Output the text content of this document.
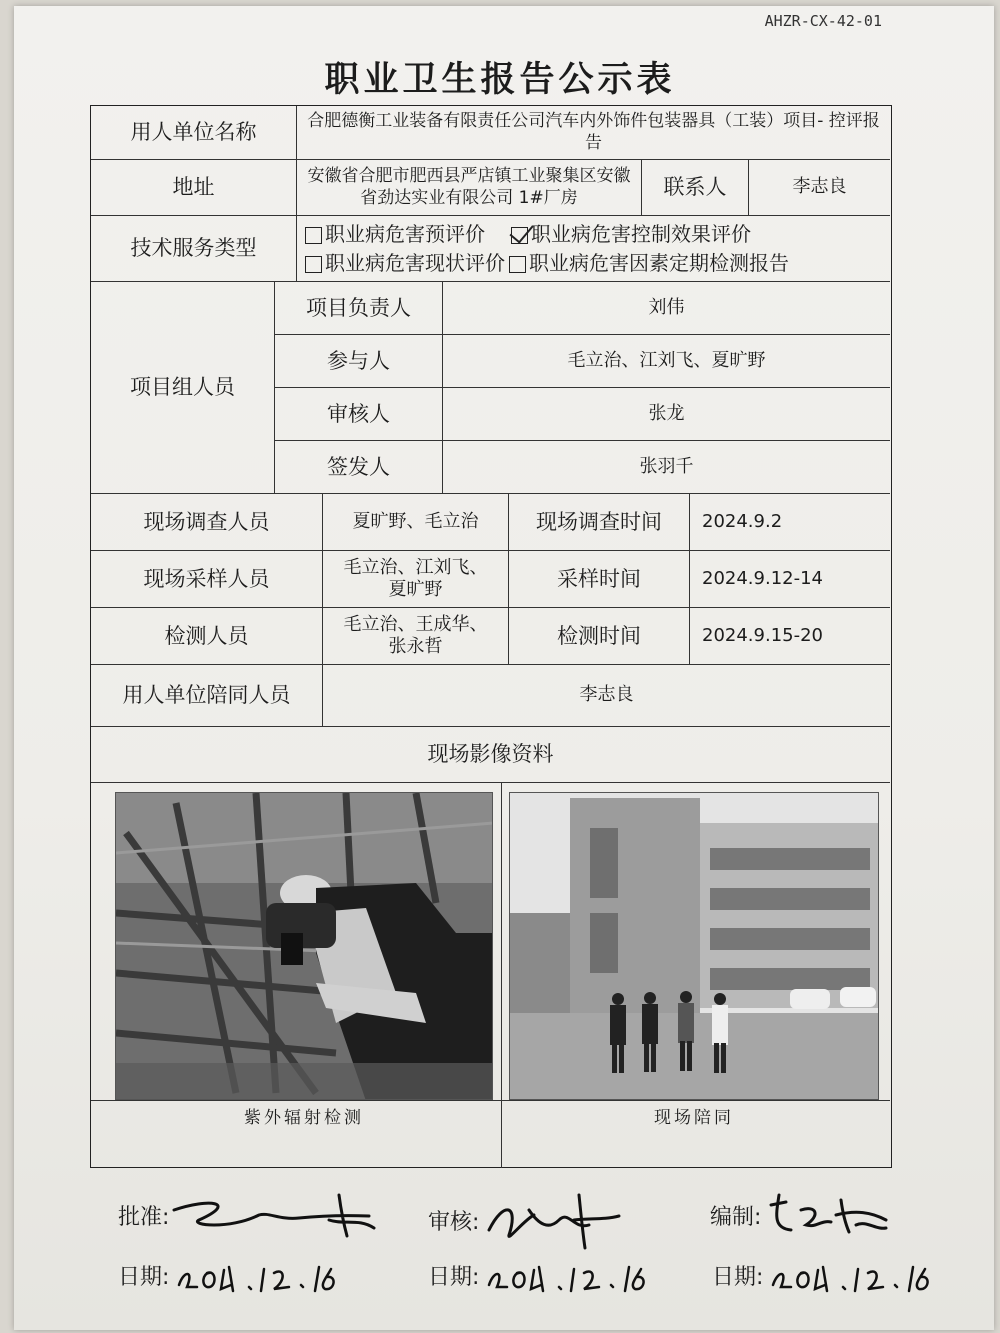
AHZR-CX-42-01
职业卫生报告公示表
用人单位名称	合肥德衡工业装备有限责任公司汽车内外饰件包装器具（工装）项目- 控评报告
地址	安徽省合肥市肥西县严店镇工业聚集区安徽省劲达实业有限公司 1#厂房	联系人	李志良
技术服务类型
职业病危害预评价 职业病危害控制效果评价
职业病危害现状评价 职业病危害因素定期检测报告
项目组人员
项目负责人	刘伟
参与人	毛立治、江刘飞、夏旷野
审核人	张龙
签发人	张羽千
现场调查人员	夏旷野、毛立治	现场调查时间	2024.9.2
现场采样人员	毛立治、江刘飞、夏旷野	采样时间	2024.9.12-14
检测人员	毛立治、王成华、张永哲	检测时间	2024.9.15-20
用人单位陪同人员	李志良
现场影像资料
紫外辐射检测	现场陪同
批准:	审核:	编制:
日期:	日期:	日期:
